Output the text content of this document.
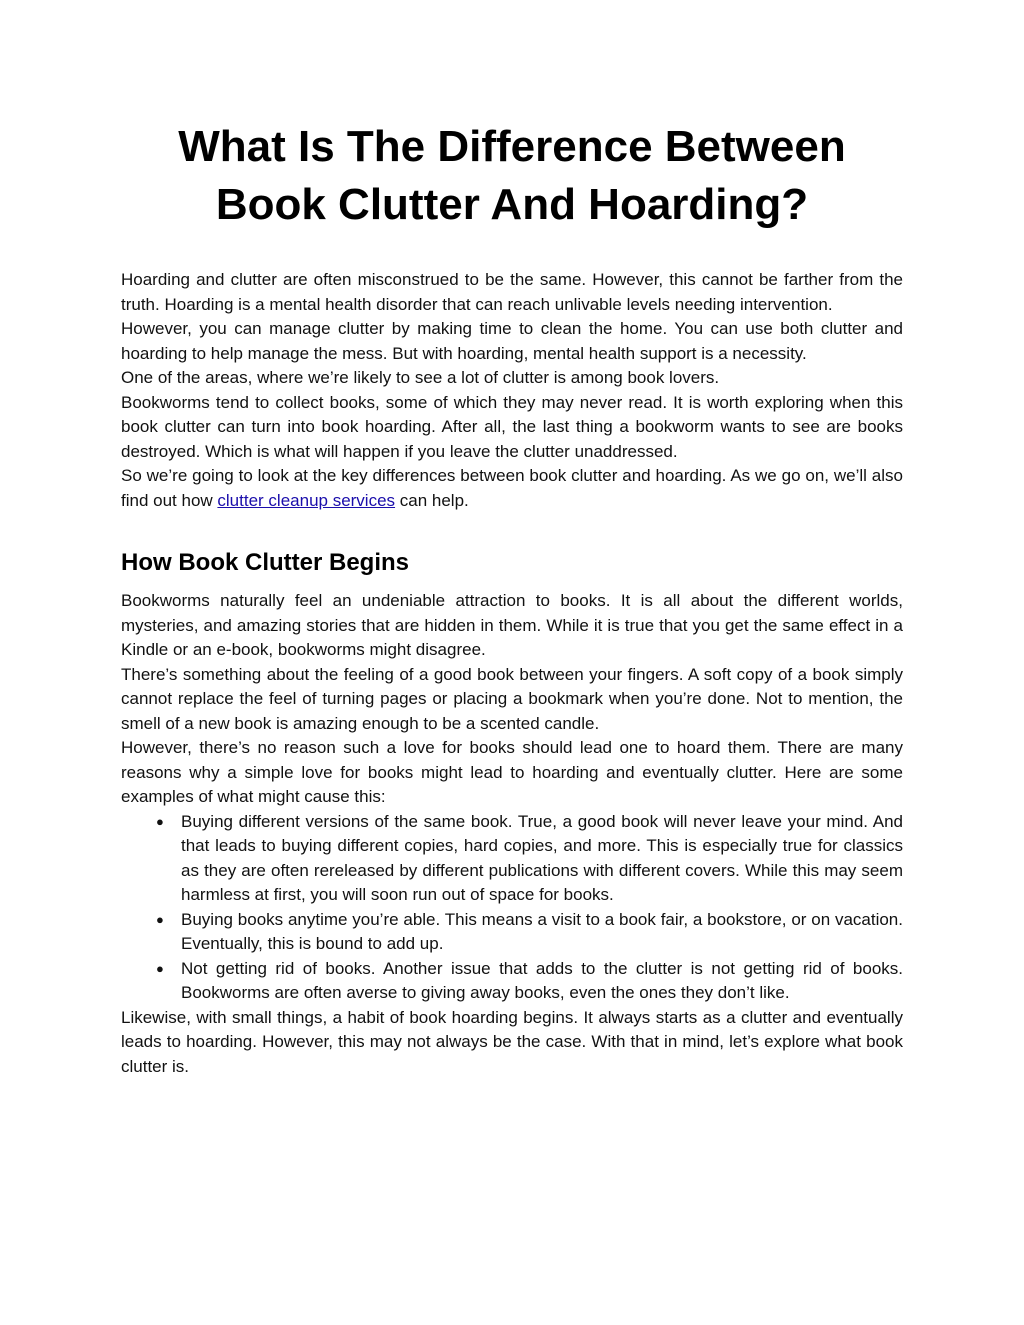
What Is The Difference Between Book Clutter And Hoarding?

Hoarding and clutter are often misconstrued to be the same. However, this cannot be farther from the truth. Hoarding is a mental health disorder that can reach unlivable levels needing intervention.

However, you can manage clutter by making time to clean the home. You can use both clutter and hoarding to help manage the mess. But with hoarding, mental health support is a necessity.

One of the areas, where we’re likely to see a lot of clutter is among book lovers.

Bookworms tend to collect books, some of which they may never read. It is worth exploring when this book clutter can turn into book hoarding. After all, the last thing a bookworm wants to see are books destroyed. Which is what will happen if you leave the clutter unaddressed.

So we’re going to look at the key differences between book clutter and hoarding. As we go on, we’ll also find out how clutter cleanup services can help.

How Book Clutter Begins

Bookworms naturally feel an undeniable attraction to books. It is all about the different worlds, mysteries, and amazing stories that are hidden in them. While it is true that you get the same effect in a Kindle or an e-book, bookworms might disagree.

There’s something about the feeling of a good book between your fingers. A soft copy of a book simply cannot replace the feel of turning pages or placing a bookmark when you’re done. Not to mention, the smell of a new book is amazing enough to be a scented candle.

However, there’s no reason such a love for books should lead one to hoard them. There are many reasons why a simple love for books might lead to hoarding and eventually clutter. Here are some examples of what might cause this:

● Buying different versions of the same book. True, a good book will never leave your mind. And that leads to buying different copies, hard copies, and more. This is especially true for classics as they are often rereleased by different publications with different covers. While this may seem harmless at first, you will soon run out of space for books.
● Buying books anytime you’re able. This means a visit to a book fair, a bookstore, or on vacation. Eventually, this is bound to add up.
● Not getting rid of books. Another issue that adds to the clutter is not getting rid of books. Bookworms are often averse to giving away books, even the ones they don’t like.

Likewise, with small things, a habit of book hoarding begins. It always starts as a clutter and eventually leads to hoarding. However, this may not always be the case. With that in mind, let’s explore what book clutter is.
